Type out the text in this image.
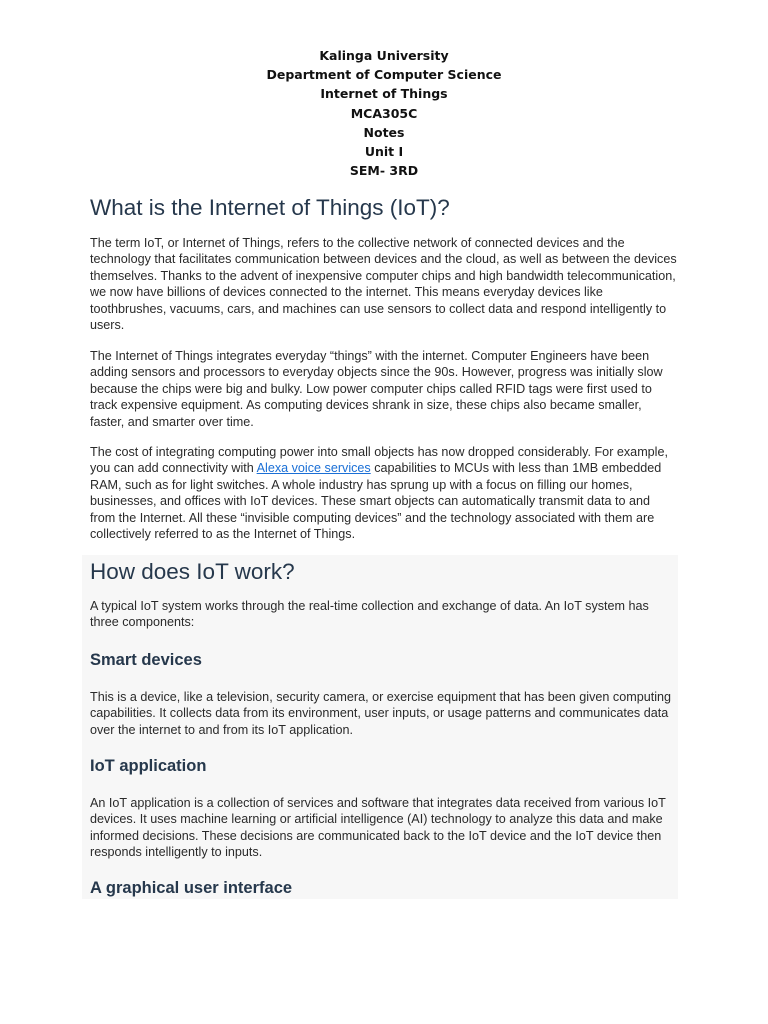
Kalinga University
Department of Computer Science
Internet of Things
MCA305C
Notes
Unit I
SEM- 3RD
What is the Internet of Things (IoT)?

The term IoT, or Internet of Things, refers to the collective network of connected devices and the technology that facilitates communication between devices and the cloud, as well as between the devices themselves. Thanks to the advent of inexpensive computer chips and high bandwidth telecommunication, we now have billions of devices connected to the internet. This means everyday devices like toothbrushes, vacuums, cars, and machines can use sensors to collect data and respond intelligently to users.

The Internet of Things integrates everyday “things” with the internet. Computer Engineers have been adding sensors and processors to everyday objects since the 90s. However, progress was initially slow because the chips were big and bulky. Low power computer chips called RFID tags were first used to track expensive equipment. As computing devices shrank in size, these chips also became smaller, faster, and smarter over time.

The cost of integrating computing power into small objects has now dropped considerably. For example, you can add connectivity with Alexa voice services capabilities to MCUs with less than 1MB embedded RAM, such as for light switches. A whole industry has sprung up with a focus on filling our homes, businesses, and offices with IoT devices. These smart objects can automatically transmit data to and from the Internet. All these “invisible computing devices” and the technology associated with them are collectively referred to as the Internet of Things.

How does IoT work?

A typical IoT system works through the real-time collection and exchange of data. An IoT system has three components:

Smart devices

This is a device, like a television, security camera, or exercise equipment that has been given computing capabilities. It collects data from its environment, user inputs, or usage patterns and communicates data over the internet to and from its IoT application.

IoT application

An IoT application is a collection of services and software that integrates data received from various IoT devices. It uses machine learning or artificial intelligence (AI) technology to analyze this data and make informed decisions. These decisions are communicated back to the IoT device and the IoT device then responds intelligently to inputs.

A graphical user interface
